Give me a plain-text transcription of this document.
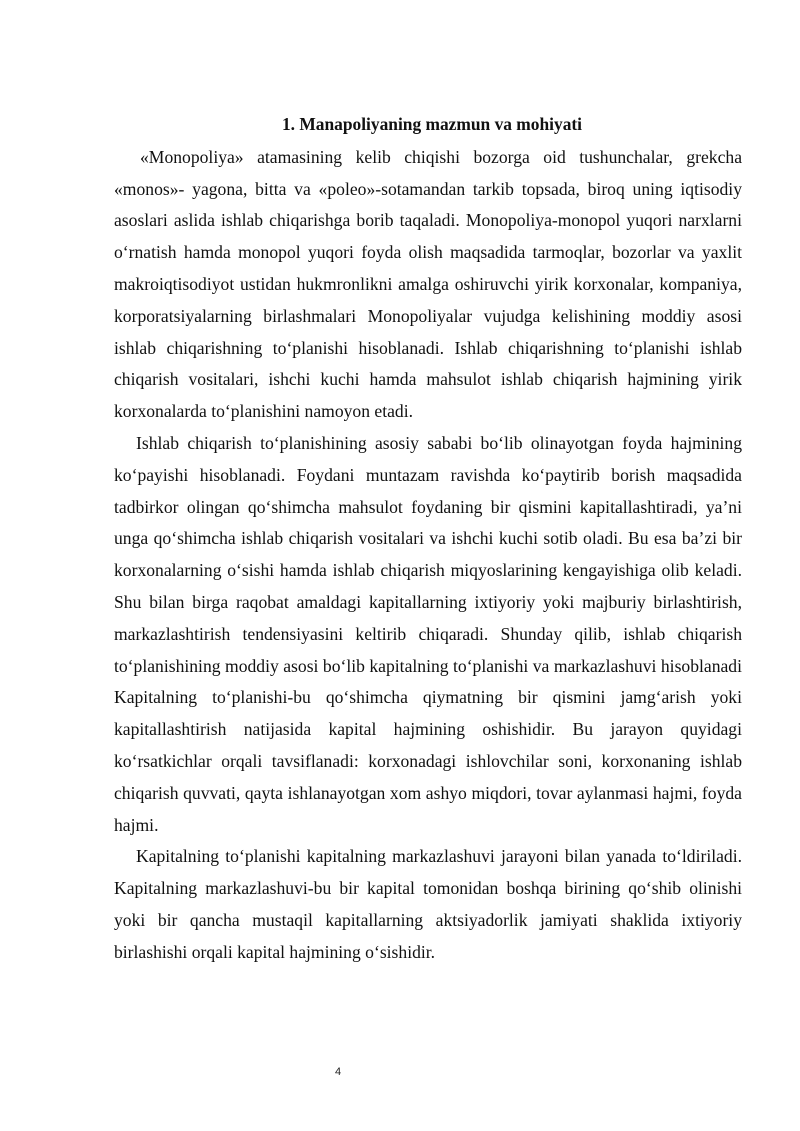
1. Manapoliyaning mazmun va mohiyati

«Monopoliya» atamasining kelib chiqishi bozorga oid tushunchalar, grekcha «monos»- yagona, bitta va «poleo»-sotamandan tarkib topsada, biroq uning iqtisodiy asoslari aslida ishlab chiqarishga borib taqaladi. Monopoliya-monopol yuqori narxlarni o‘rnatish hamda monopol yuqori foyda olish maqsadida tarmoqlar, bozorlar va yaxlit makroiqtisodiyot ustidan hukmronlikni amalga oshiruvchi yirik korxonalar, kompaniya, korporatsiyalarning birlashmalari Monopoliyalar vujudga kelishining moddiy asosi ishlab chiqarishning to‘planishi hisoblanadi. Ishlab chiqarishning to‘planishi ishlab chiqarish vositalari, ishchi kuchi hamda mahsulot ishlab chiqarish hajmining yirik korxonalarda to‘planishini namoyon etadi.

Ishlab chiqarish to‘planishining asosiy sababi bo‘lib olinayotgan foyda hajmining ko‘payishi hisoblanadi. Foydani muntazam ravishda ko‘paytirib borish maqsadida tadbirkor olingan qo‘shimcha mahsulot foydaning bir qismini kapitallashtiradi, ya’ni unga qo‘shimcha ishlab chiqarish vositalari va ishchi kuchi sotib oladi. Bu esa ba’zi bir korxonalarning o‘sishi hamda ishlab chiqarish miqyoslarining kengayishiga olib keladi. Shu bilan birga raqobat amaldagi kapitallarning ixtiyoriy yoki majburiy birlashtirish, markazlashtirish tendensiyasini keltirib chiqaradi. Shunday qilib, ishlab chiqarish to‘planishining moddiy asosi bo‘lib kapitalning to‘planishi va markazlashuvi hisoblanadi Kapitalning to‘planishi-bu qo‘shimcha qiymatning bir qismini jamg‘arish yoki kapitallashtirish natijasida kapital hajmining oshishidir. Bu jarayon quyidagi ko‘rsatkichlar orqali tavsiflanadi: korxonadagi ishlovchilar soni, korxonaning ishlab chiqarish quvvati, qayta ishlanayotgan xom ashyo miqdori, tovar aylanmasi hajmi, foyda hajmi.

Kapitalning to‘planishi kapitalning markazlashuvi jarayoni bilan yanada to‘ldiriladi. Kapitalning markazlashuvi-bu bir kapital tomonidan boshqa birining qo‘shib olinishi yoki bir qancha mustaqil kapitallarning aktsiyadorlik jamiyati shaklida ixtiyoriy birlashishi orqali kapital hajmining o‘sishidir.

4
